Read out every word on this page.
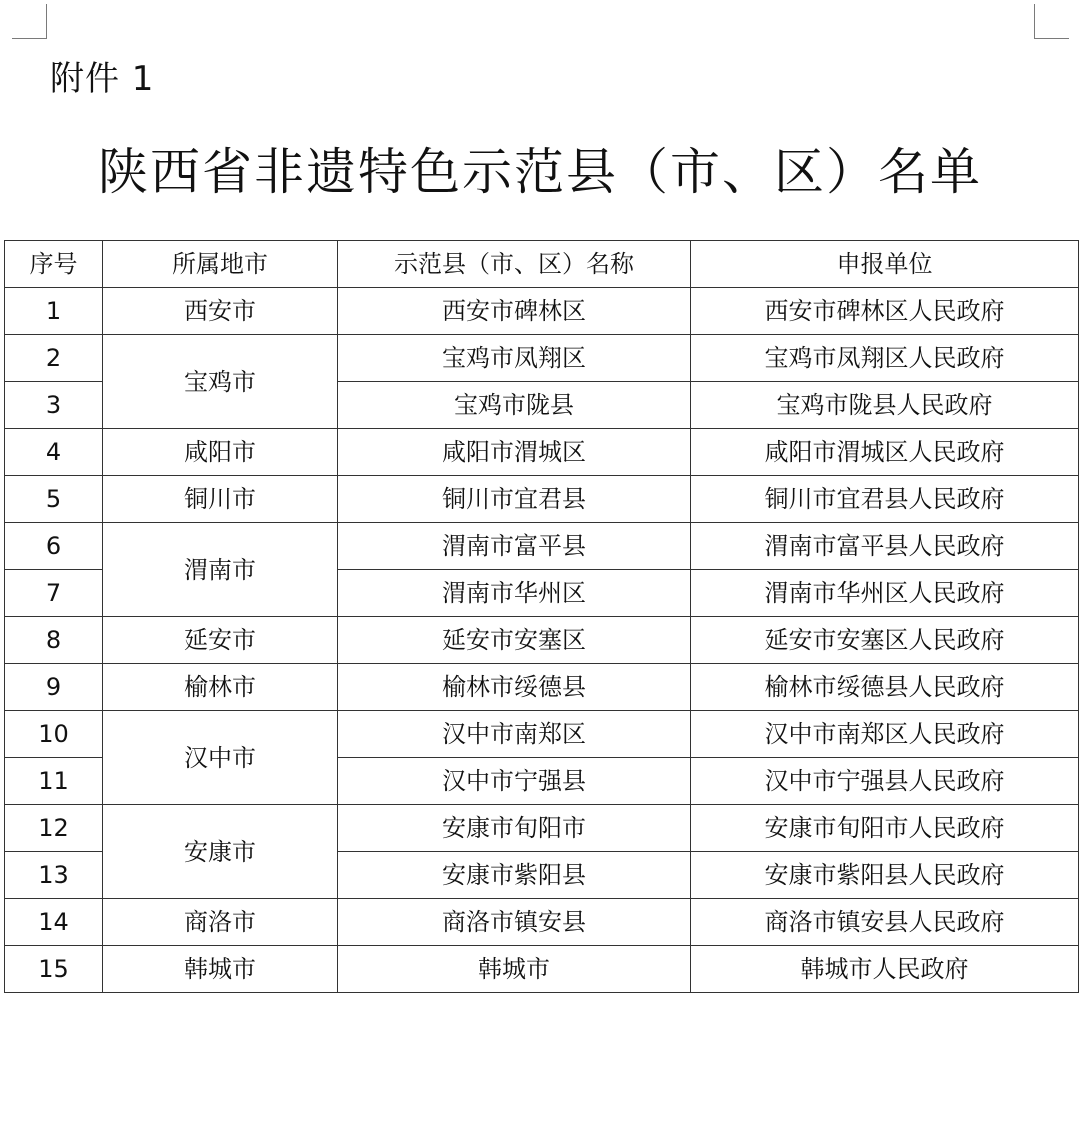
附件 1
陕西省非遗特色示范县（市、区）名单
序号	所属地市	示范县（市、区）名称	申报单位
1	西安市	西安市碑林区	西安市碑林区人民政府
2	宝鸡市	宝鸡市凤翔区	宝鸡市凤翔区人民政府
3		宝鸡市陇县	宝鸡市陇县人民政府
4	咸阳市	咸阳市渭城区	咸阳市渭城区人民政府
5	铜川市	铜川市宜君县	铜川市宜君县人民政府
6	渭南市	渭南市富平县	渭南市富平县人民政府
7		渭南市华州区	渭南市华州区人民政府
8	延安市	延安市安塞区	延安市安塞区人民政府
9	榆林市	榆林市绥德县	榆林市绥德县人民政府
10	汉中市	汉中市南郑区	汉中市南郑区人民政府
11		汉中市宁强县	汉中市宁强县人民政府
12	安康市	安康市旬阳市	安康市旬阳市人民政府
13		安康市紫阳县	安康市紫阳县人民政府
14	商洛市	商洛市镇安县	商洛市镇安县人民政府
15	韩城市	韩城市	韩城市人民政府
